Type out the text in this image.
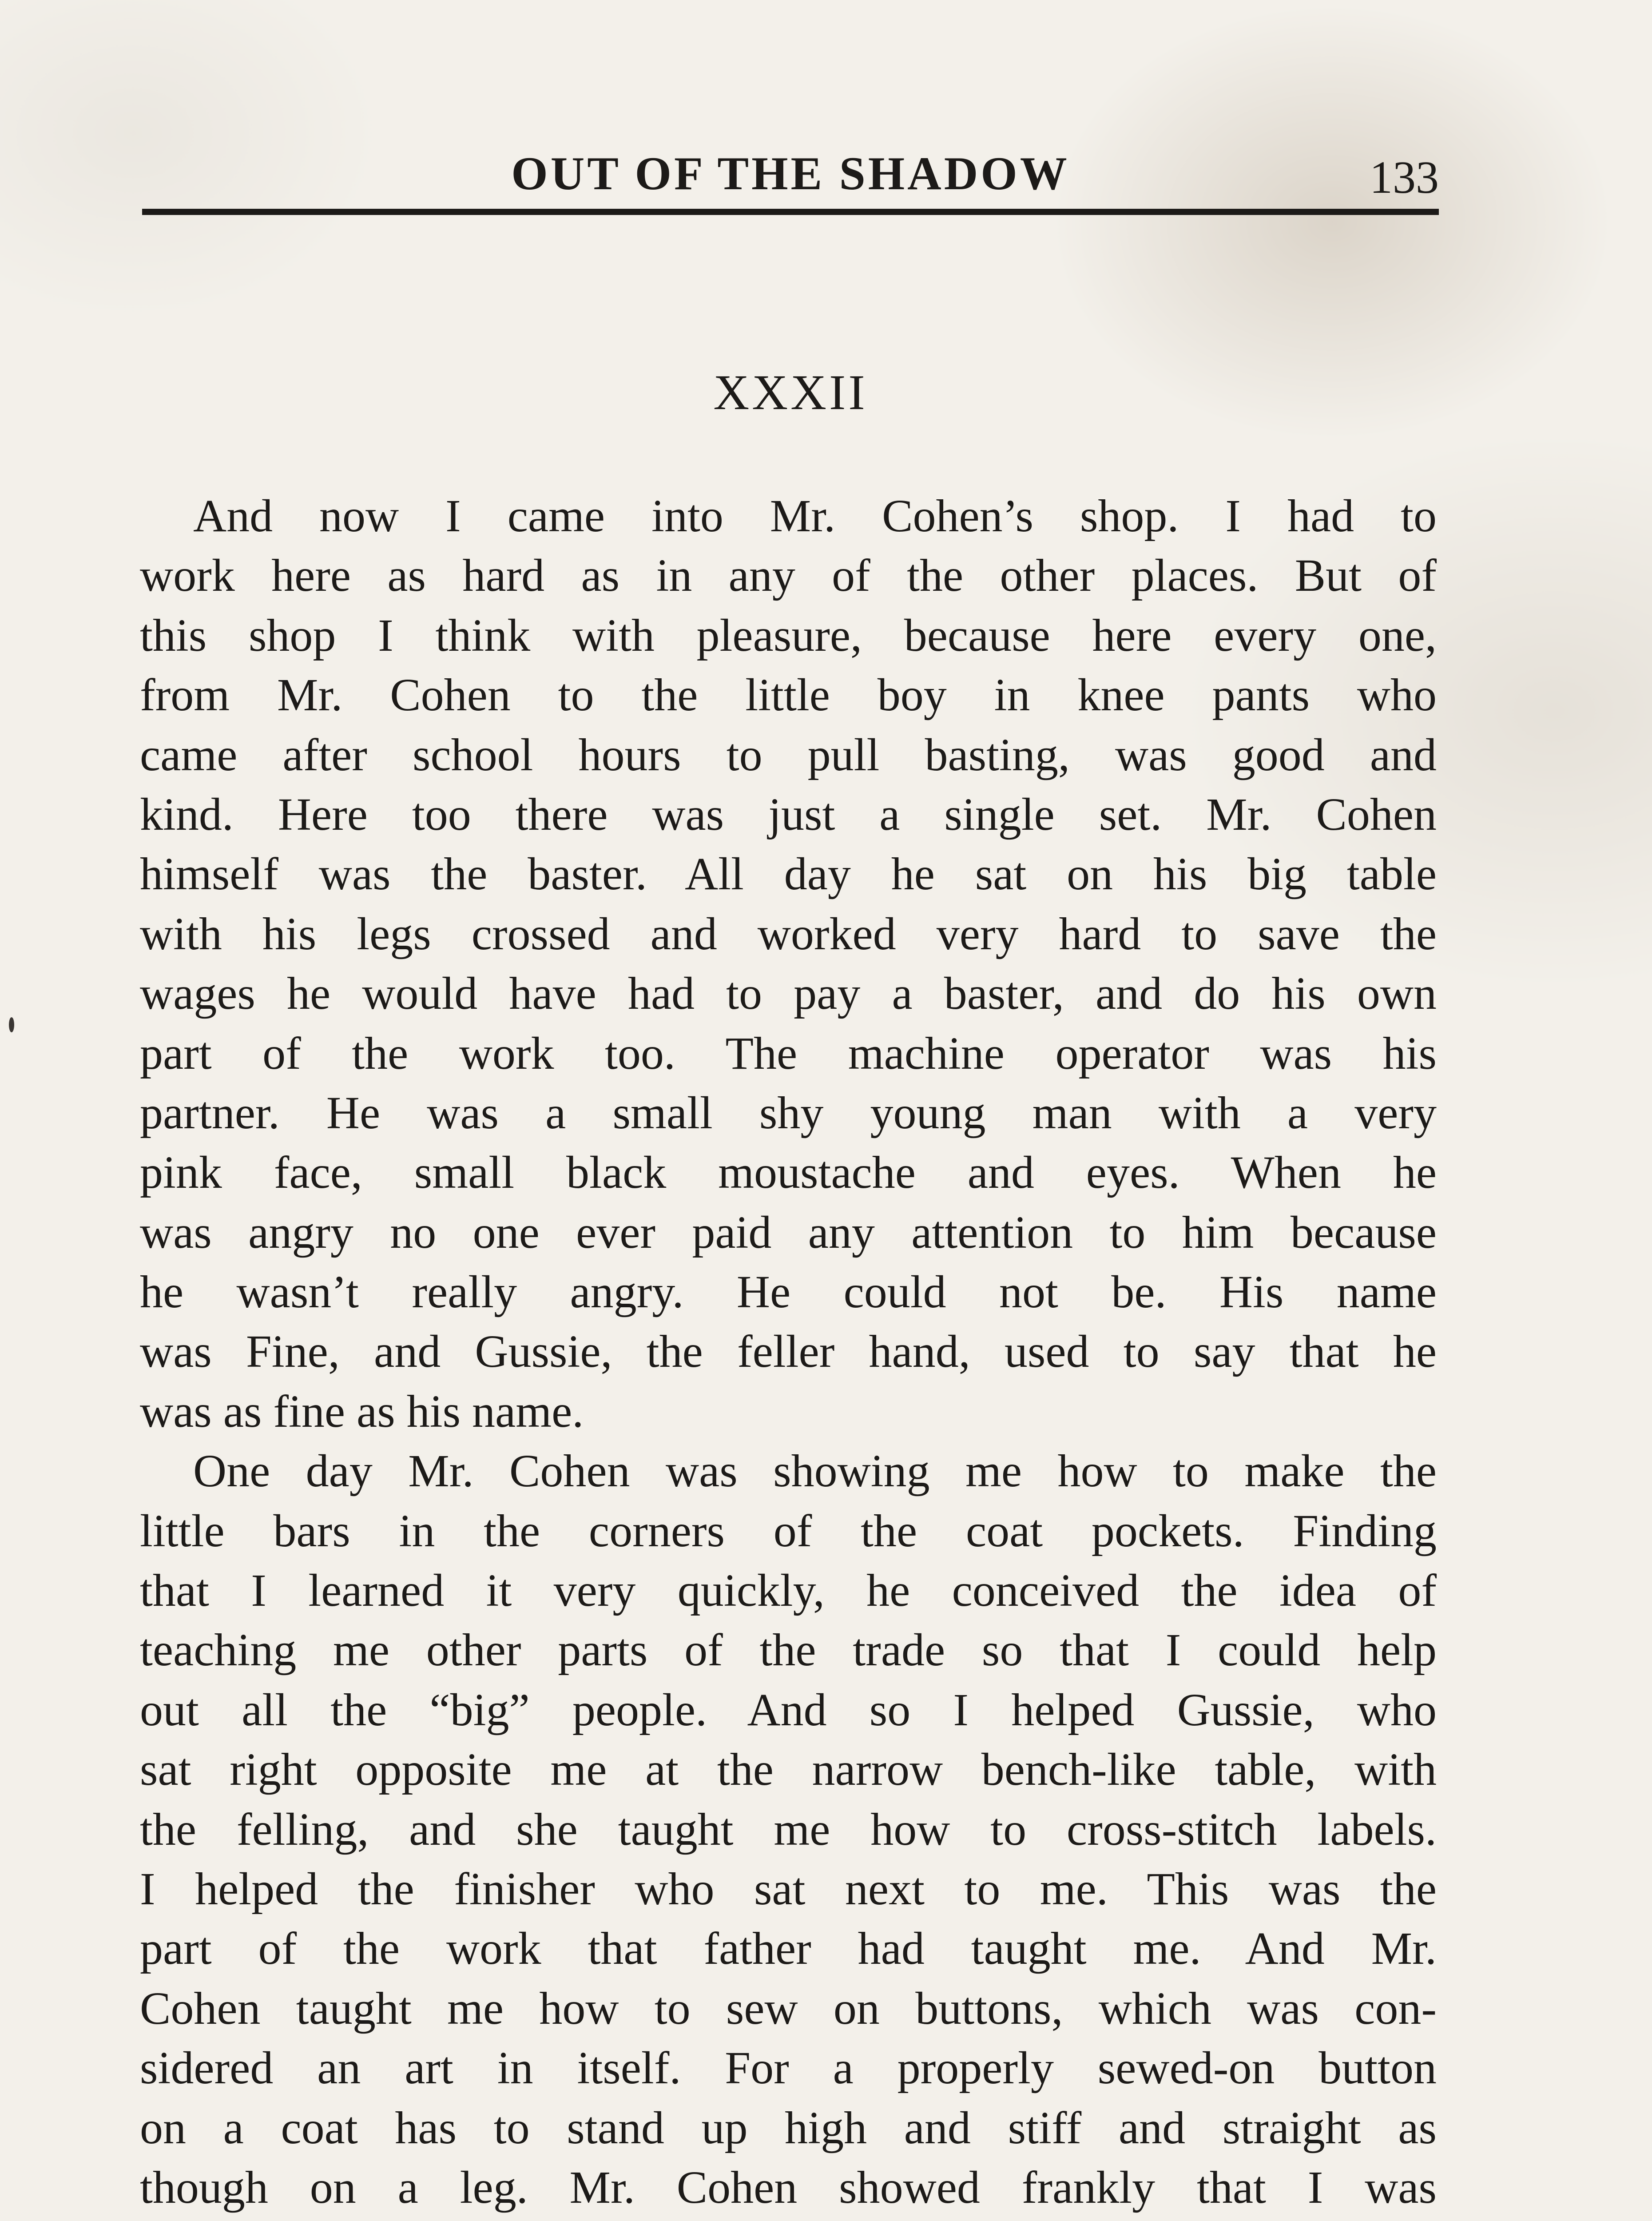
OUT OF THE SHADOW	133
XXXII
And now I came into Mr. Cohen’s shop. I had to
work here as hard as in any of the other places. But of
this shop I think with pleasure, because here every one,
from Mr. Cohen to the little boy in knee pants who
came after school hours to pull basting, was good and
kind. Here too there was just a single set. Mr. Cohen
himself was the baster. All day he sat on his big table
with his legs crossed and worked very hard to save the
wages he would have had to pay a baster, and do his own
part of the work too. The machine operator was his
partner. He was a small shy young man with a very
pink face, small black moustache and eyes. When he
was angry no one ever paid any attention to him because
he wasn’t really angry. He could not be. His name
was Fine, and Gussie, the feller hand, used to say that he
was as fine as his name.
One day Mr. Cohen was showing me how to make the
little bars in the corners of the coat pockets. Finding
that I learned it very quickly, he conceived the idea of
teaching me other parts of the trade so that I could help
out all the “big” people. And so I helped Gussie, who
sat right opposite me at the narrow bench-like table, with
the felling, and she taught me how to cross-stitch labels.
I helped the finisher who sat next to me. This was the
part of the work that father had taught me. And Mr.
Cohen taught me how to sew on buttons, which was con-
sidered an art in itself. For a properly sewed-on button
on a coat has to stand up high and stiff and straight as
though on a leg. Mr. Cohen showed frankly that I was
